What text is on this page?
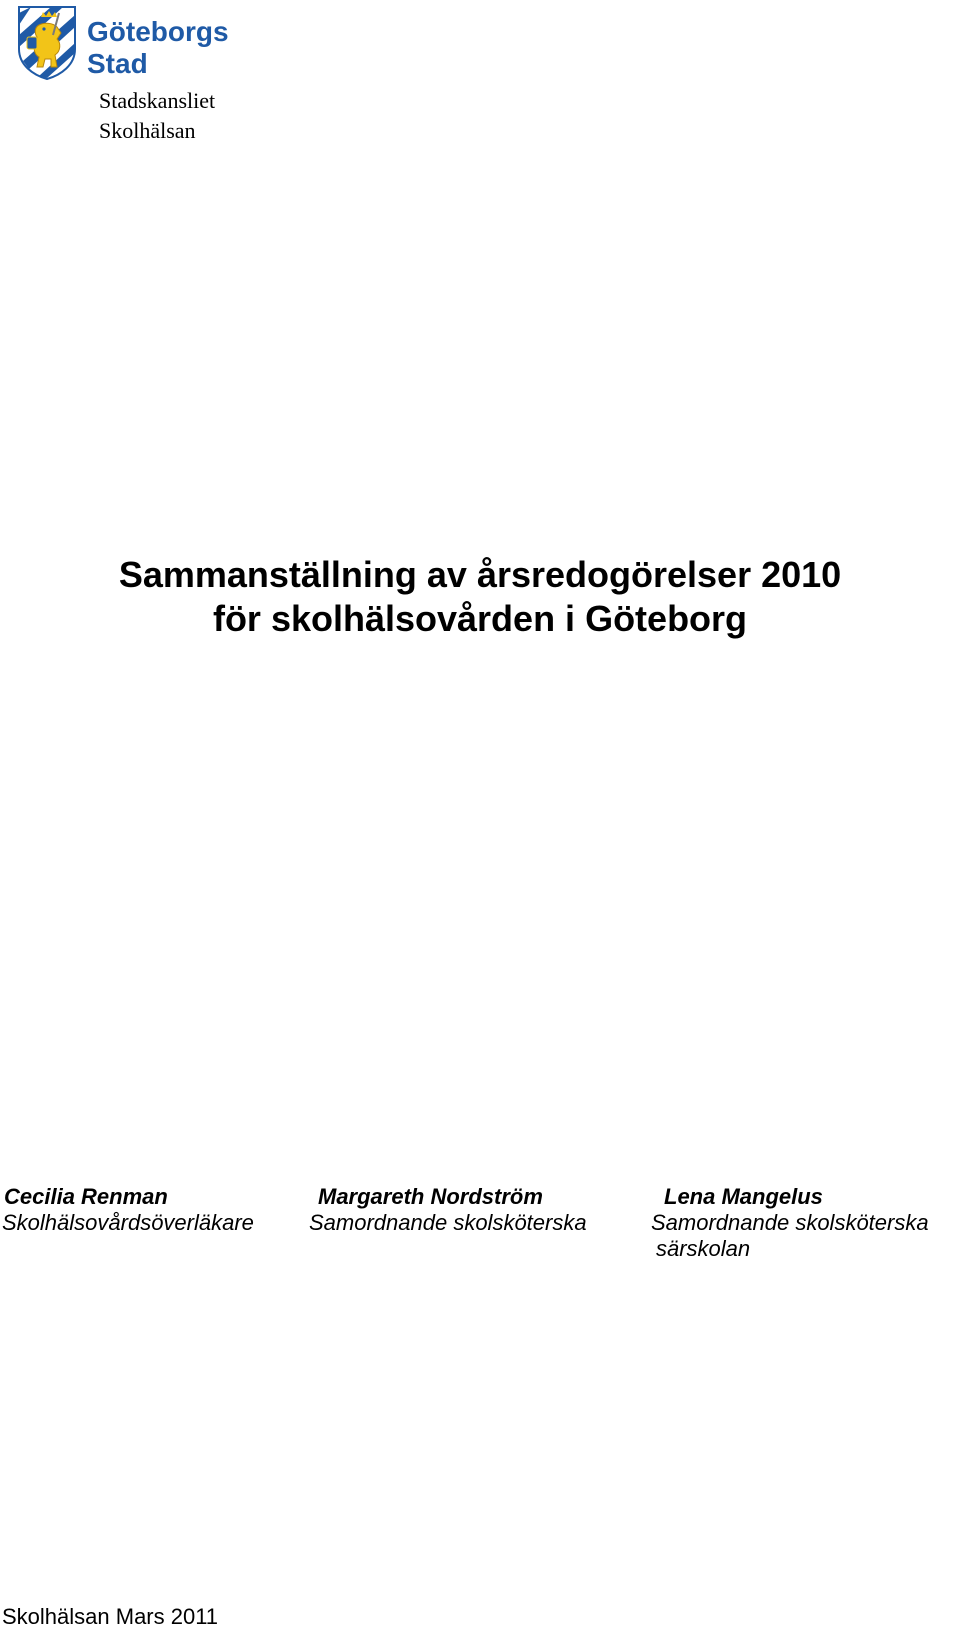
Göteborgs
Stad
Stadskansliet
Skolhälsan
Sammanställning av årsredogörelser 2010
för skolhälsovården i Göteborg
Cecilia Renman
Skolhälsovårdsöverläkare
Margareth Nordström
Samordnande skolsköterska
Lena Mangelus
Samordnande skolsköterska
särskolan
Skolhälsan Mars 2011
